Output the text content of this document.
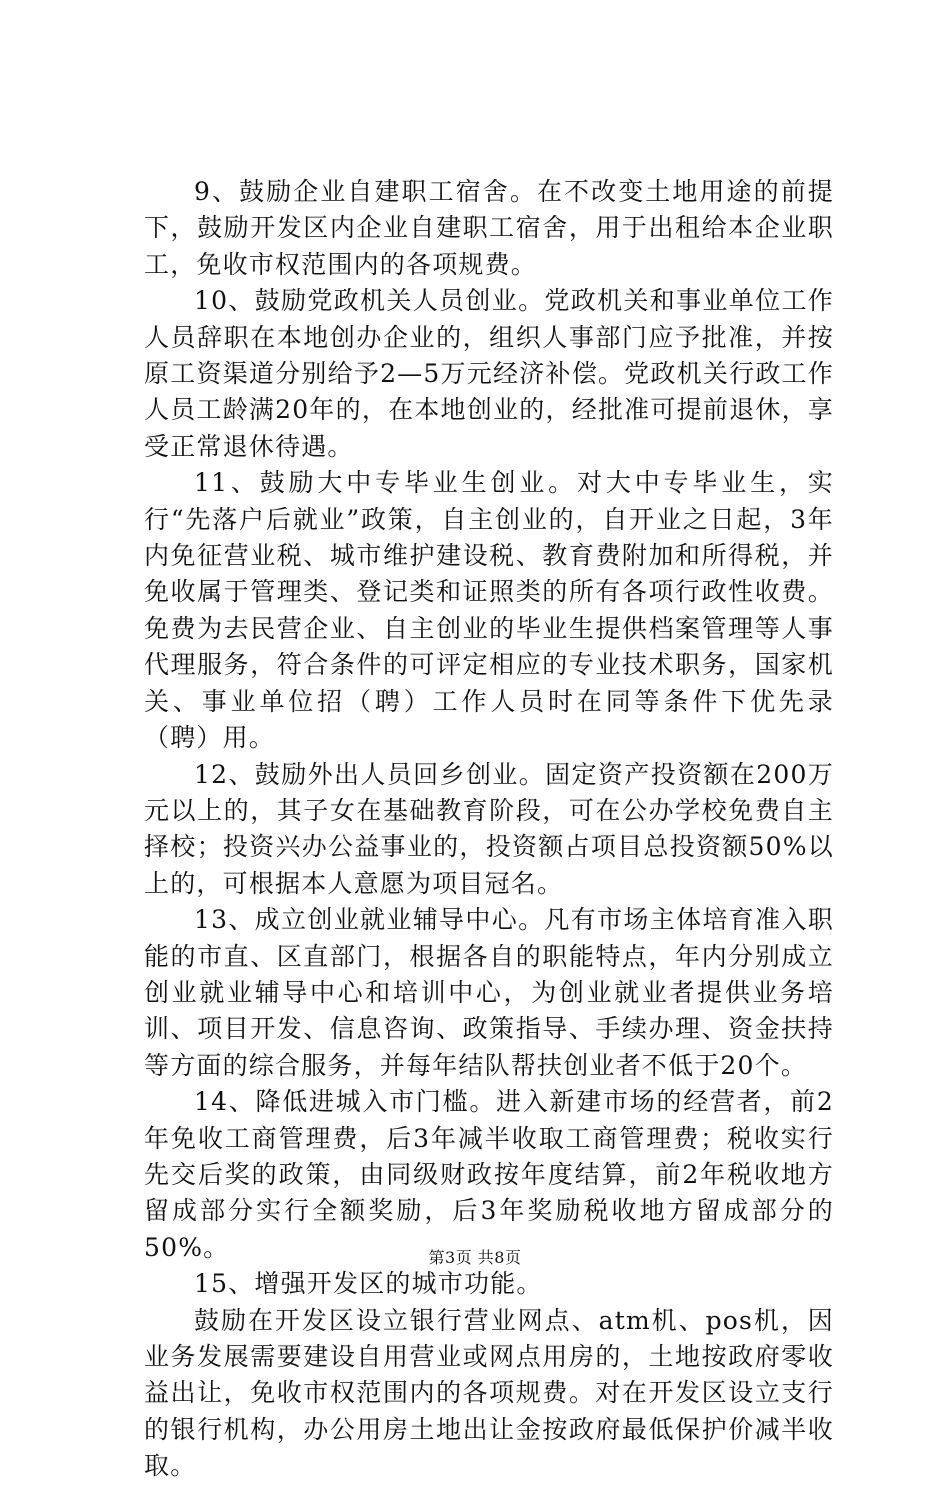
9、鼓励企业自建职工宿舍。在不改变土地用途的前提下，鼓励开发区内企业自建职工宿舍，用于出租给本企业职工，免收市权范围内的各项规费。

10、鼓励党政机关人员创业。党政机关和事业单位工作人员辞职在本地创办企业的，组织人事部门应予批准，并按原工资渠道分别给予2—5万元经济补偿。党政机关行政工作人员工龄满20年的，在本地创业的，经批准可提前退休，享受正常退休待遇。

11、鼓励大中专毕业生创业。对大中专毕业生，实行“先落户后就业”政策，自主创业的，自开业之日起，3年内免征营业税、城市维护建设税、教育费附加和所得税，并免收属于管理类、登记类和证照类的所有各项行政性收费。免费为去民营企业、自主创业的毕业生提供档案管理等人事代理服务，符合条件的可评定相应的专业技术职务，国家机关、事业单位招（聘）工作人员时在同等条件下优先录（聘）用。

12、鼓励外出人员回乡创业。固定资产投资额在200万元以上的，其子女在基础教育阶段，可在公办学校免费自主择校；投资兴办公益事业的，投资额占项目总投资额50%以上的，可根据本人意愿为项目冠名。

13、成立创业就业辅导中心。凡有市场主体培育准入职能的市直、区直部门，根据各自的职能特点，年内分别成立创业就业辅导中心和培训中心，为创业就业者提供业务培训、项目开发、信息咨询、政策指导、手续办理、资金扶持等方面的综合服务，并每年结队帮扶创业者不低于20个。

14、降低进城入市门槛。进入新建市场的经营者，前2年免收工商管理费，后3年减半收取工商管理费；税收实行先交后奖的政策，由同级财政按年度结算，前2年税收地方留成部分实行全额奖励，后3年奖励税收地方留成部分的50%。

15、增强开发区的城市功能。

鼓励在开发区设立银行营业网点、atm机、pos机，因业务发展需要建设自用营业或网点用房的，土地按政府零收益出让，免收市权范围内的各项规费。对在开发区设立支行的银行机构，办公用房土地出让金按政府最低保护价减半收取。

第3页 共8页
